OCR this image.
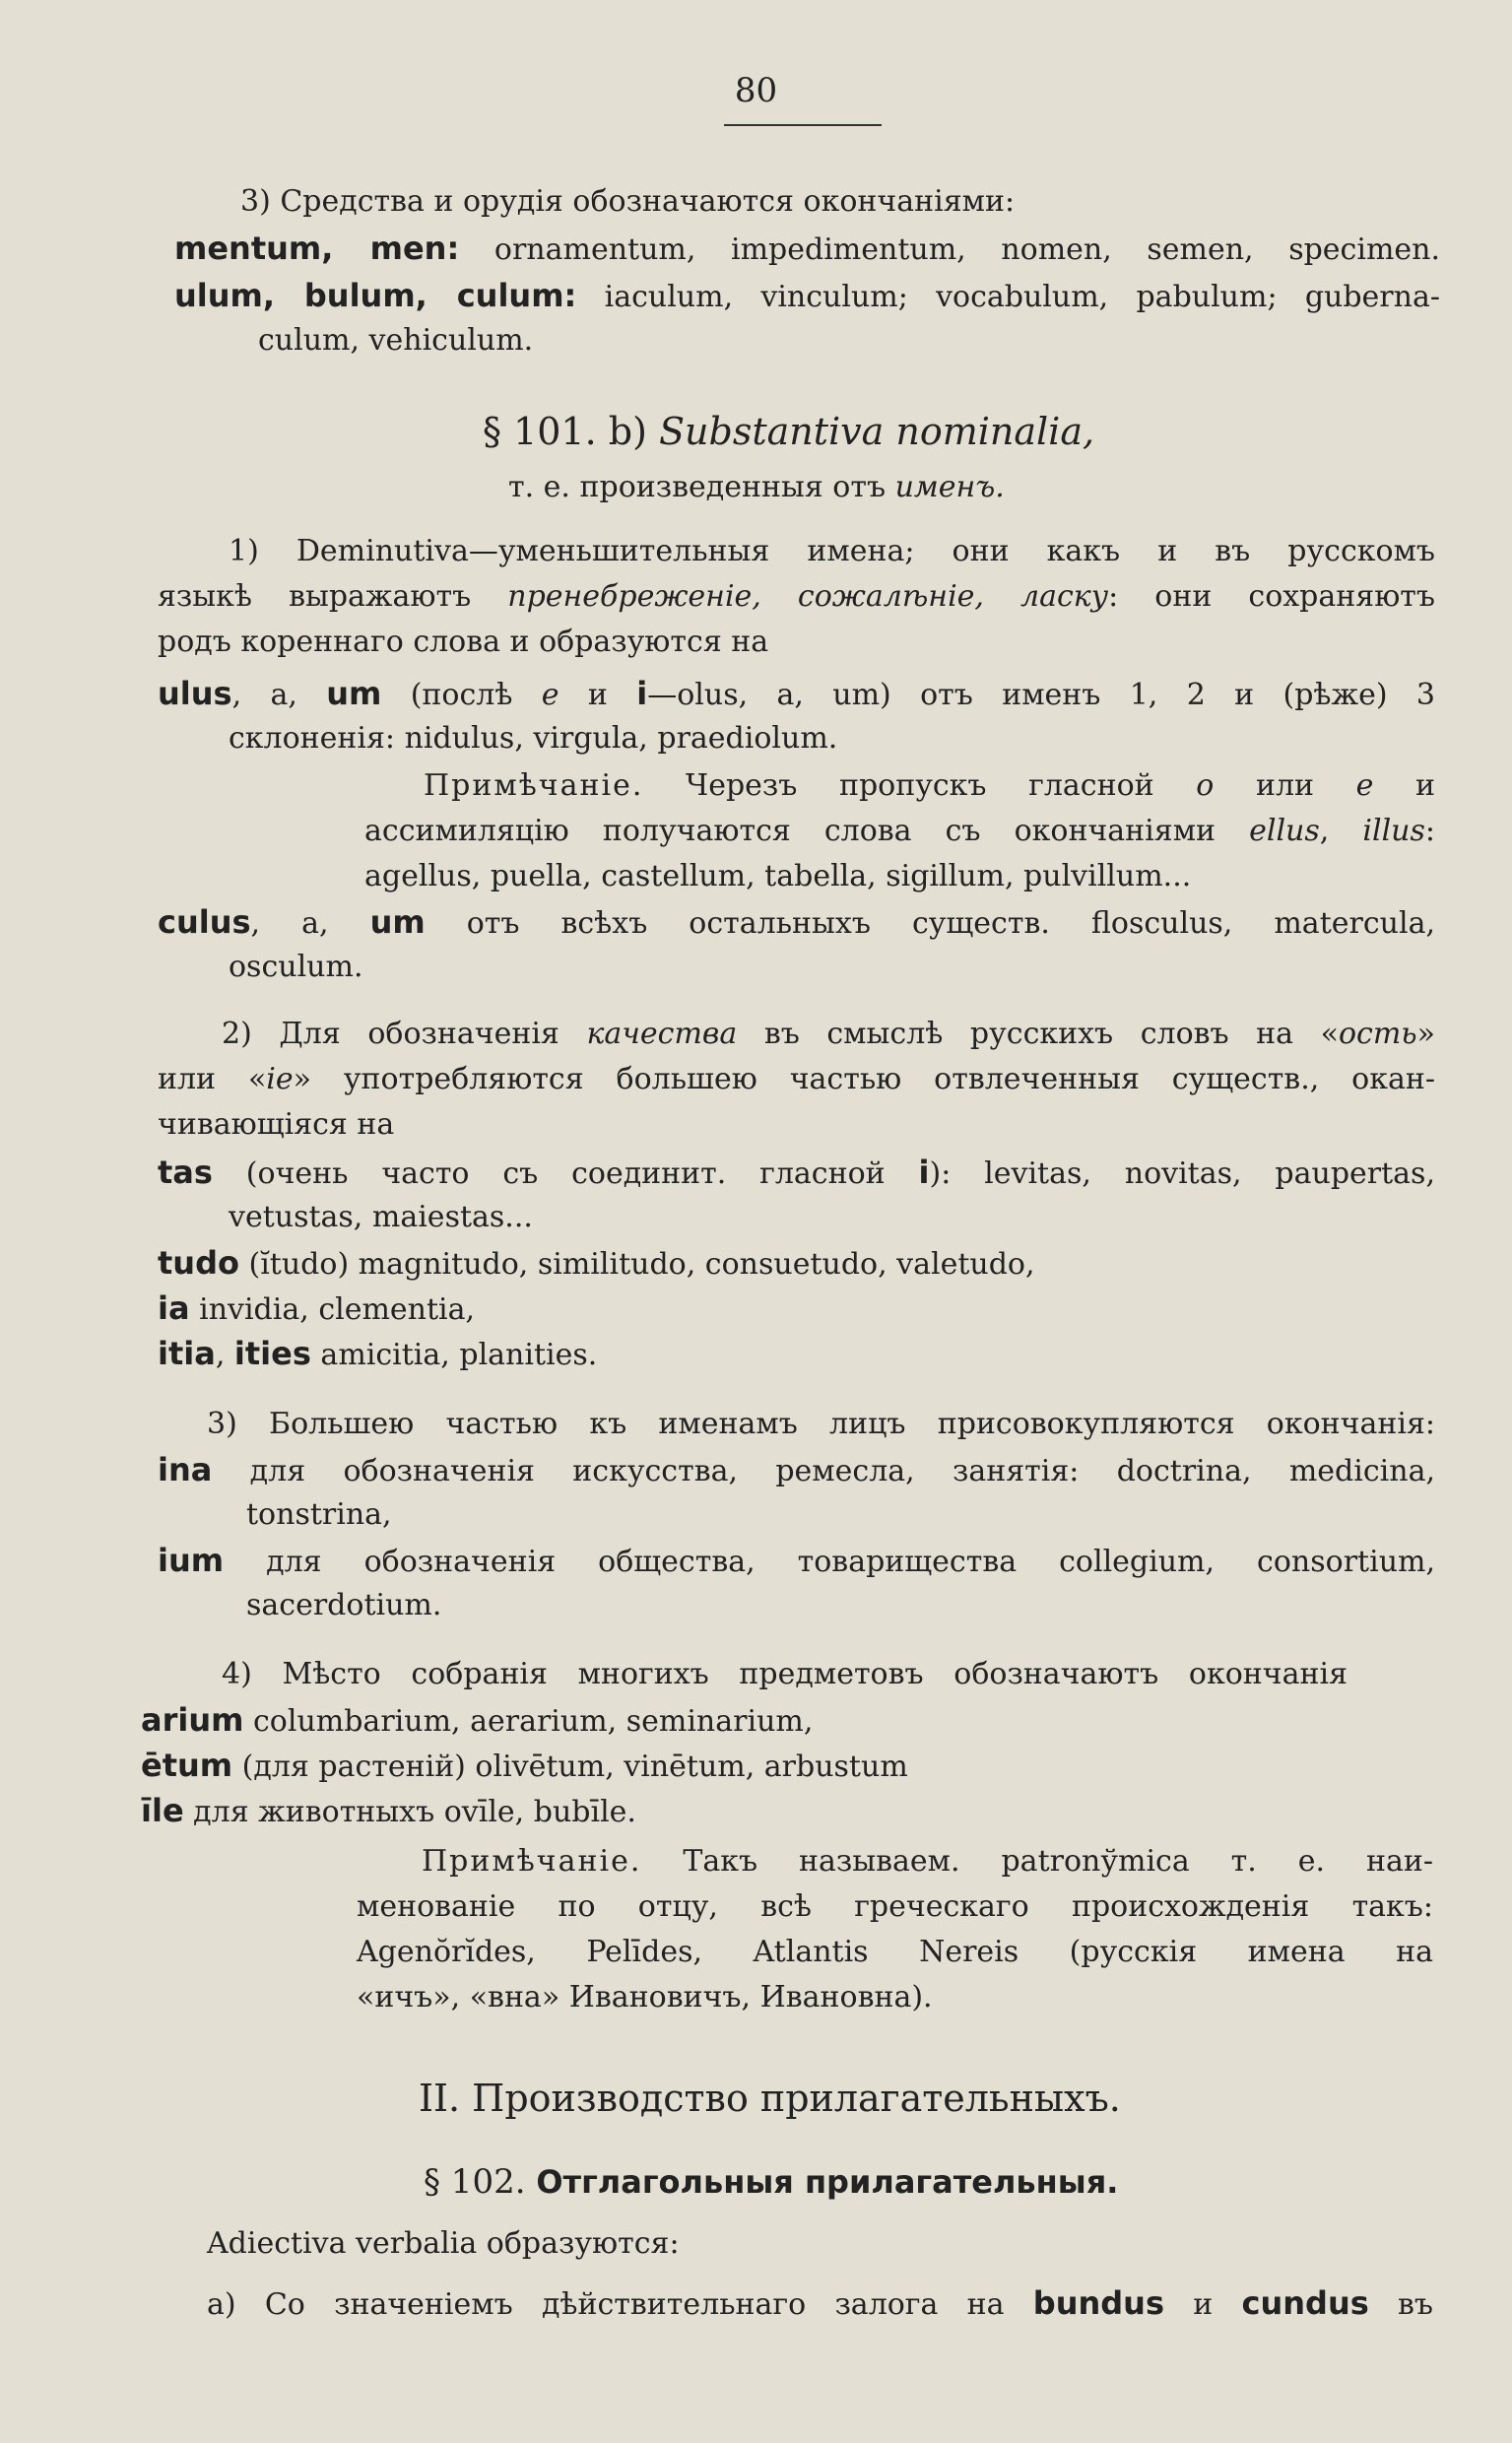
80
3) Средства и орудія обозначаются окончаніями:
mentum, men: ornamentum, impedimentum, nomen, semen, specimen.
ulum, bulum, culum: iaculum, vinculum; vocabulum, pabulum; guberna-
culum, vehiculum.
§ 101. b) Substantiva nominalia,
т. е. произведенныя отъ именъ.
1) Deminutiva—уменьшительныя имена; они какъ и въ русскомъ
языкѣ выражаютъ пренебреженіе, сожалѣніе, ласку: они сохраняютъ
родъ кореннаго слова и образуются на
ulus, a, um (послѣ e и i—olus, a, um) отъ именъ 1, 2 и (рѣже) 3
склоненія: nidulus, virgula, praediolum.
Примѣчаніе. Черезъ пропускъ гласной o или e и
ассимиляцію получаются слова съ окончаніями ellus, illus:
agellus, puella, castellum, tabella, sigillum, pulvillum...
culus, a, um отъ всѣхъ остальныхъ существ. flosculus, matercula,
osculum.
2) Для обозначенія качества въ смыслѣ русскихъ словъ на «ость»
или «іе» употребляются большею частью отвлеченныя существ., окан-
чивающіяся на
tas (очень часто съ соединит. гласной i): levitas, novitas, paupertas,
vetustas, maiestas...
tudo (ĭtudo) magnitudo, similitudo, consuetudo, valetudo,
ia invidia, clementia,
itia, ities amicitia, planities.
3) Большею частью къ именамъ лицъ присовокупляются окончанія:
ina для обозначенія искусства, ремесла, занятія: doctrina, medicina,
tonstrina,
ium для обозначенія общества, товарищества collegium, consortium,
sacerdotium.
4) Мѣсто собранія многихъ предметовъ обозначаютъ окончанія
arium columbarium, aerarium, seminarium,
ētum (для растеній) olivētum, vinētum, arbustum
īle для животныхъ ovīle, bubīle.
Примѣчаніе. Такъ называем. patronўmica т. е. наи-
менованіе по отцу, всѣ греческаго происхожденія такъ:
Agenŏrĭdes, Pelīdes, Atlantis Nereis (русскія имена на
«ичъ», «вна» Ивановичъ, Ивановна).
II. Производство прилагательныхъ.
§ 102. Отглагольныя прилагательныя.
Adiectiva verbalia образуются:
a) Со значеніемъ дѣйствительнаго залога на bundus и cundus въ
